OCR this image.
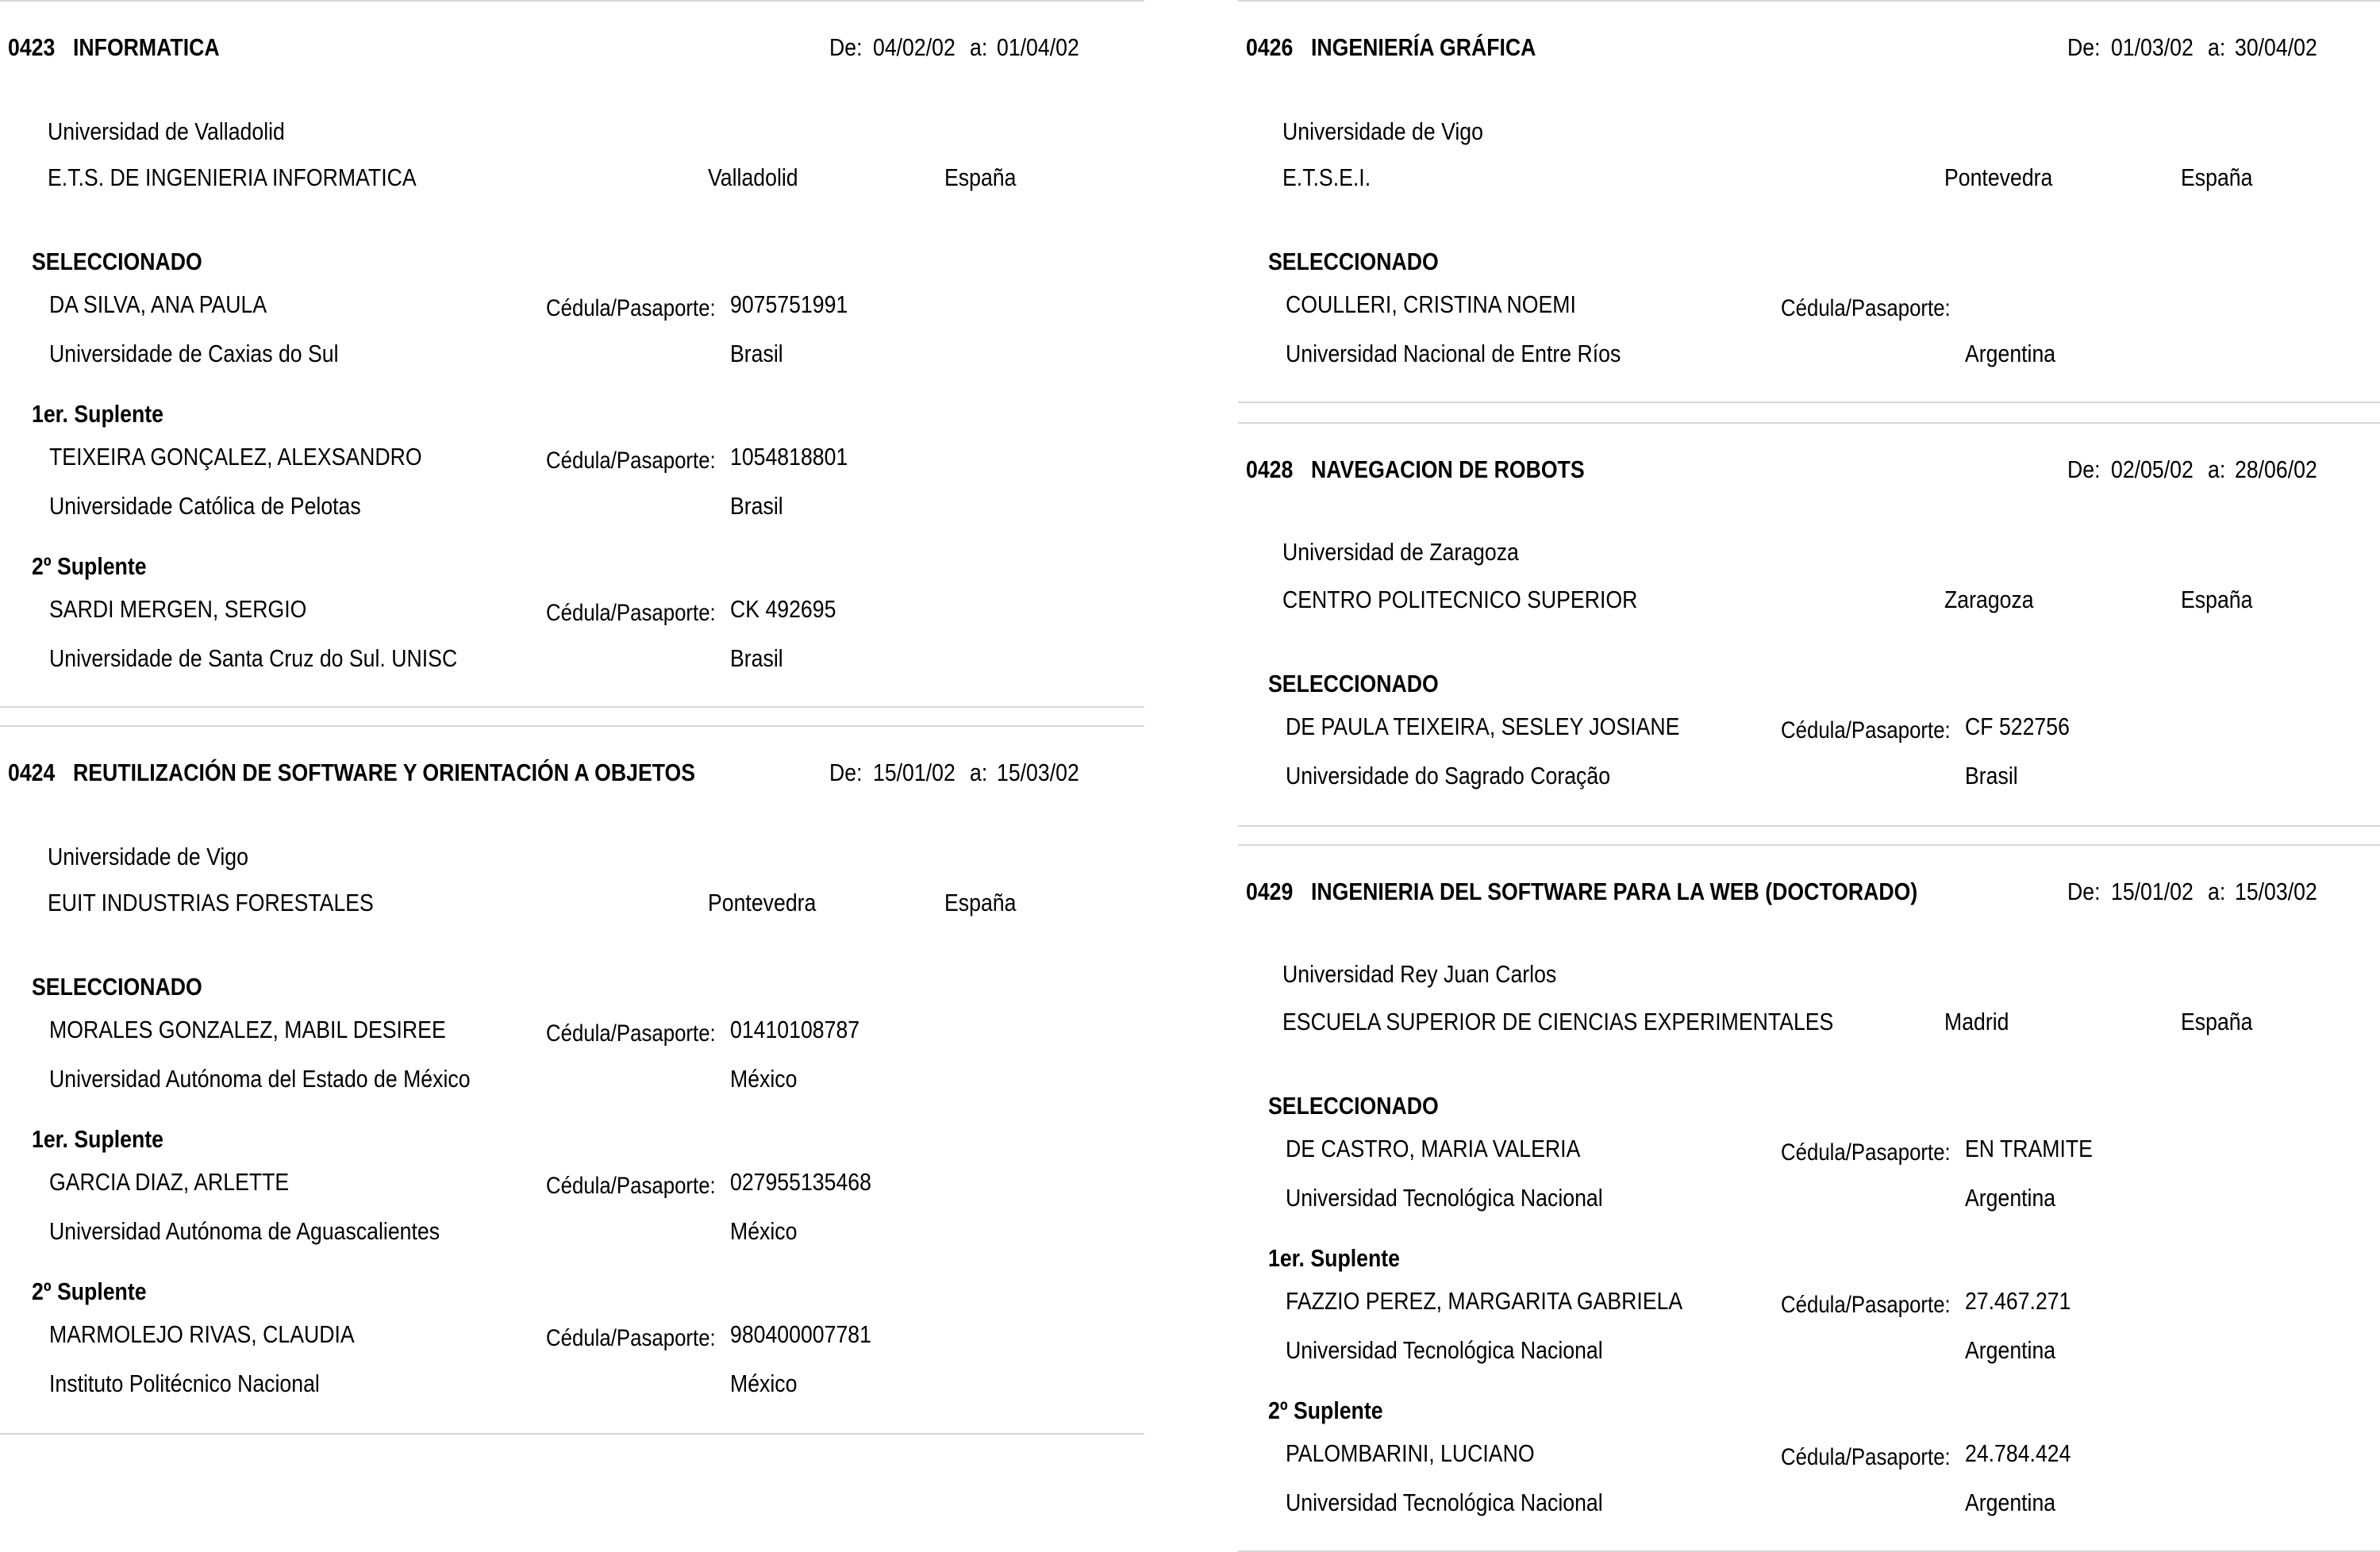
0423 INFORMATICA	De: 04/02/02 a: 01/04/02
Universidad de Valladolid
E.T.S. DE INGENIERIA INFORMATICA	Valladolid	España
SELECCIONADO
DA SILVA, ANA PAULA	Cédula/Pasaporte: 9075751991
Universidade de Caxias do Sul	Brasil
1er. Suplente
TEIXEIRA GONÇALEZ, ALEXSANDRO	Cédula/Pasaporte: 1054818801
Universidade Católica de Pelotas	Brasil
2º Suplente
SARDI MERGEN, SERGIO	Cédula/Pasaporte: CK 492695
Universidade de Santa Cruz do Sul. UNISC	Brasil
0424 REUTILIZACIÓN DE SOFTWARE Y ORIENTACIÓN A OBJETOS	De: 15/01/02 a: 15/03/02
Universidade de Vigo
EUIT INDUSTRIAS FORESTALES	Pontevedra	España
SELECCIONADO
MORALES GONZALEZ, MABIL DESIREE	Cédula/Pasaporte: 01410108787
Universidad Autónoma del Estado de México	México
1er. Suplente
GARCIA DIAZ, ARLETTE	Cédula/Pasaporte: 027955135468
Universidad Autónoma de Aguascalientes	México
2º Suplente
MARMOLEJO RIVAS, CLAUDIA	Cédula/Pasaporte: 980400007781
Instituto Politécnico Nacional	México
0426 INGENIERÍA GRÁFICA	De: 01/03/02 a: 30/04/02
Universidade de Vigo
E.T.S.E.I.	Pontevedra	España
SELECCIONADO
COULLERI, CRISTINA NOEMI	Cédula/Pasaporte:
Universidad Nacional de Entre Ríos	Argentina
0428 NAVEGACION DE ROBOTS	De: 02/05/02 a: 28/06/02
Universidad de Zaragoza
CENTRO POLITECNICO SUPERIOR	Zaragoza	España
SELECCIONADO
DE PAULA TEIXEIRA, SESLEY JOSIANE	Cédula/Pasaporte: CF 522756
Universidade do Sagrado Coração	Brasil
0429 INGENIERIA DEL SOFTWARE PARA LA WEB (DOCTORADO)	De: 15/01/02 a: 15/03/02
Universidad Rey Juan Carlos
ESCUELA SUPERIOR DE CIENCIAS EXPERIMENTALES	Madrid	España
SELECCIONADO
DE CASTRO, MARIA VALERIA	Cédula/Pasaporte: EN TRAMITE
Universidad Tecnológica Nacional	Argentina
1er. Suplente
FAZZIO PEREZ, MARGARITA GABRIELA	Cédula/Pasaporte: 27.467.271
Universidad Tecnológica Nacional	Argentina
2º Suplente
PALOMBARINI, LUCIANO	Cédula/Pasaporte: 24.784.424
Universidad Tecnológica Nacional	Argentina
